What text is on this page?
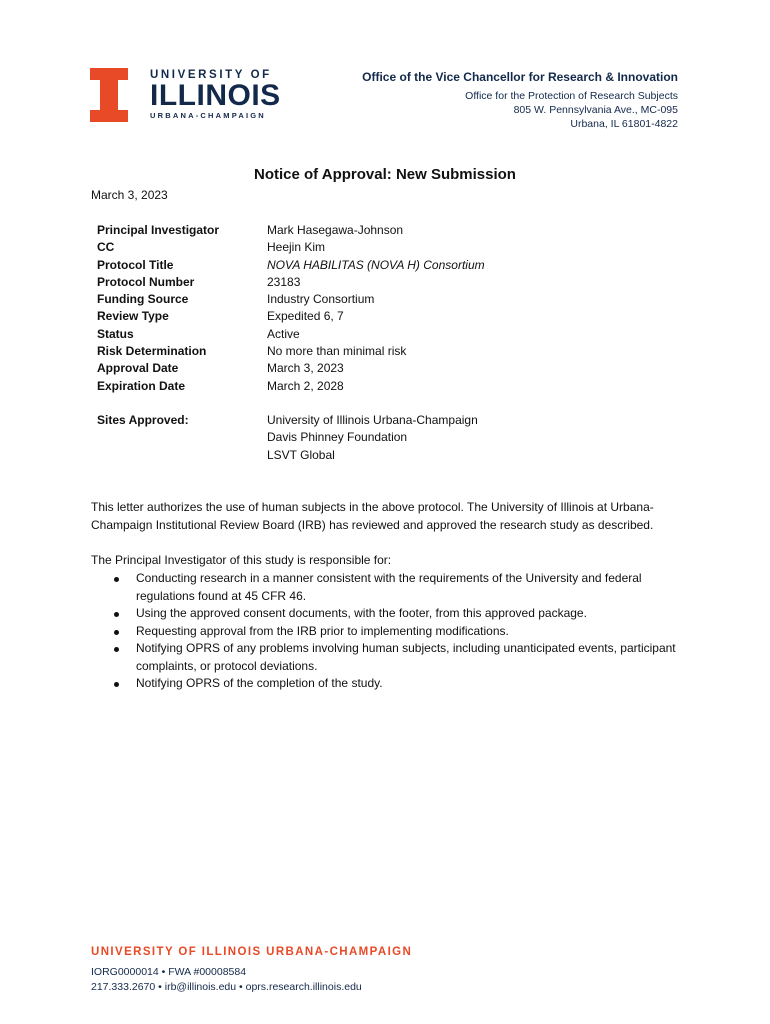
UNIVERSITY OF
ILLINOIS
URBANA-CHAMPAIGN
Office of the Vice Chancellor for Research & Innovation
Office for the Protection of Research Subjects
805 W. Pennsylvania Ave., MC-095
Urbana, IL 61801-4822
Notice of Approval: New Submission
March 3, 2023
Principal Investigator	Mark Hasegawa-Johnson
CC	Heejin Kim
Protocol Title	NOVA HABILITAS (NOVA H) Consortium
Protocol Number	23183
Funding Source	Industry Consortium
Review Type	Expedited 6, 7
Status	Active
Risk Determination	No more than minimal risk
Approval Date	March 3, 2023
Expiration Date	March 2, 2028
Sites Approved:	University of Illinois Urbana-Champaign
Davis Phinney Foundation
LSVT Global
This letter authorizes the use of human subjects in the above protocol. The University of Illinois at Urbana-Champaign Institutional Review Board (IRB) has reviewed and approved the research study as described.
The Principal Investigator of this study is responsible for:
Conducting research in a manner consistent with the requirements of the University and federal regulations found at 45 CFR 46.
Using the approved consent documents, with the footer, from this approved package.
Requesting approval from the IRB prior to implementing modifications.
Notifying OPRS of any problems involving human subjects, including unanticipated events, participant complaints, or protocol deviations.
Notifying OPRS of the completion of the study.
UNIVERSITY OF ILLINOIS URBANA-CHAMPAIGN
IORG0000014 • FWA #00008584
217.333.2670 • irb@illinois.edu • oprs.research.illinois.edu
